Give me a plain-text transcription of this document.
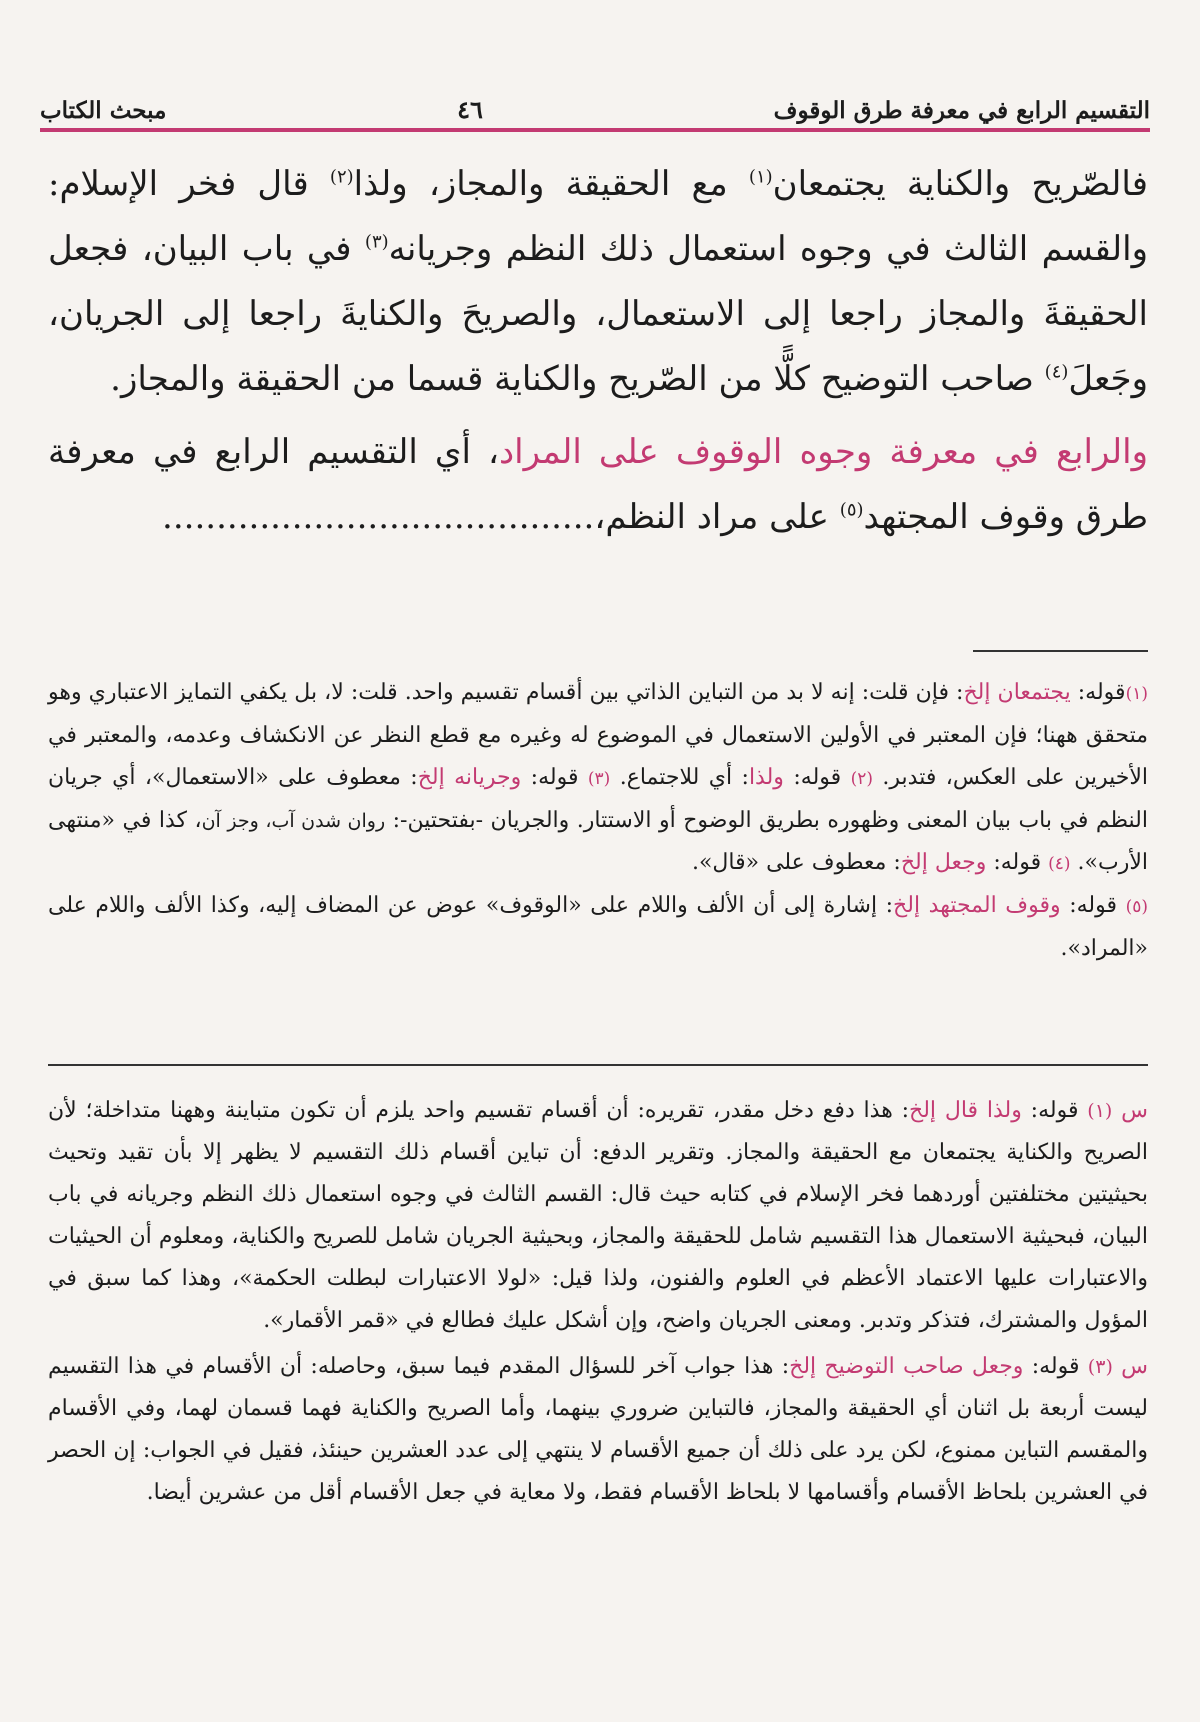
التقسيم الرابع في معرفة طرق الوقوف
٤٦
مبحث الكتاب

فالصّريح والكناية يجتمعان$^{(١)}$ مع الحقيقة والمجاز، ولذا$^{(٢)}$ قال فخر الإسلام: والقسم الثالث في وجوه استعمال ذلك النظم وجريانه$^{(٣)}$ في باب البيان، فجعل الحقيقةَ والمجاز راجعا إلى الاستعمال، والصريحَ والكنايةَ راجعا إلى الجريان، وجَعلَ$^{(٤)}$ صاحب التوضيح كلًّا من الصّريح والكناية قسما من الحقيقة والمجاز.

والرابع في معرفة وجوه الوقوف على المراد، أي التقسيم الرابع في معرفة طرق وقوف المجتهد$^{(٥)}$ على مراد النظم،........................................

(١)قوله: يجتمعان إلخ: فإن قلت: إنه لا بد من التباين الذاتي بين أقسام تقسيم واحد. قلت: لا، بل يكفي التمايز الاعتباري وهو متحقق ههنا؛ فإن المعتبر في الأولين الاستعمال في الموضوع له وغيره مع قطع النظر عن الانكشاف وعدمه، والمعتبر في الأخيرين على العكس، فتدبر. (٢) قوله: ولذا: أي للاجتماع. (٣) قوله: وجريانه إلخ: معطوف على «الاستعمال»، أي جريان النظم في باب بيان المعنى وظهوره بطريق الوضوح أو الاستتار. والجريان -بفتحتين-: روان شدن آب، وجز آن، كذا في «منتهى الأرب». (٤) قوله: وجعل إلخ: معطوف على «قال».

(٥) قوله: وقوف المجتهد إلخ: إشارة إلى أن الألف واللام على «الوقوف» عوض عن المضاف إليه، وكذا الألف واللام على «المراد».

س (١) قوله: ولذا قال إلخ: هذا دفع دخل مقدر، تقريره: أن أقسام تقسيم واحد يلزم أن تكون متباينة وههنا متداخلة؛ لأن الصريح والكناية يجتمعان مع الحقيقة والمجاز. وتقرير الدفع: أن تباين أقسام ذلك التقسيم لا يظهر إلا بأن تقيد وتحيث بحيثيتين مختلفتين أوردهما فخر الإسلام في كتابه حيث قال: القسم الثالث في وجوه استعمال ذلك النظم وجريانه في باب البيان، فبحيثية الاستعمال هذا التقسيم شامل للحقيقة والمجاز، وبحيثية الجريان شامل للصريح والكناية، ومعلوم أن الحيثيات والاعتبارات عليها الاعتماد الأعظم في العلوم والفنون، ولذا قيل: «لولا الاعتبارات لبطلت الحكمة»، وهذا كما سبق في المؤول والمشترك، فتذكر وتدبر. ومعنى الجريان واضح، وإن أشكل عليك فطالع في «قمر الأقمار».

س (٣) قوله: وجعل صاحب التوضيح إلخ: هذا جواب آخر للسؤال المقدم فيما سبق، وحاصله: أن الأقسام في هذا التقسيم ليست أربعة بل اثنان أي الحقيقة والمجاز، فالتباين ضروري بينهما، وأما الصريح والكناية فهما قسمان لهما، وفي الأقسام والمقسم التباين ممنوع، لكن يرد على ذلك أن جميع الأقسام لا ينتهي إلى عدد العشرين حينئذ، فقيل في الجواب: إن الحصر في العشرين بلحاظ الأقسام وأقسامها لا بلحاظ الأقسام فقط، ولا معاية في جعل الأقسام أقل من عشرين أيضا.
